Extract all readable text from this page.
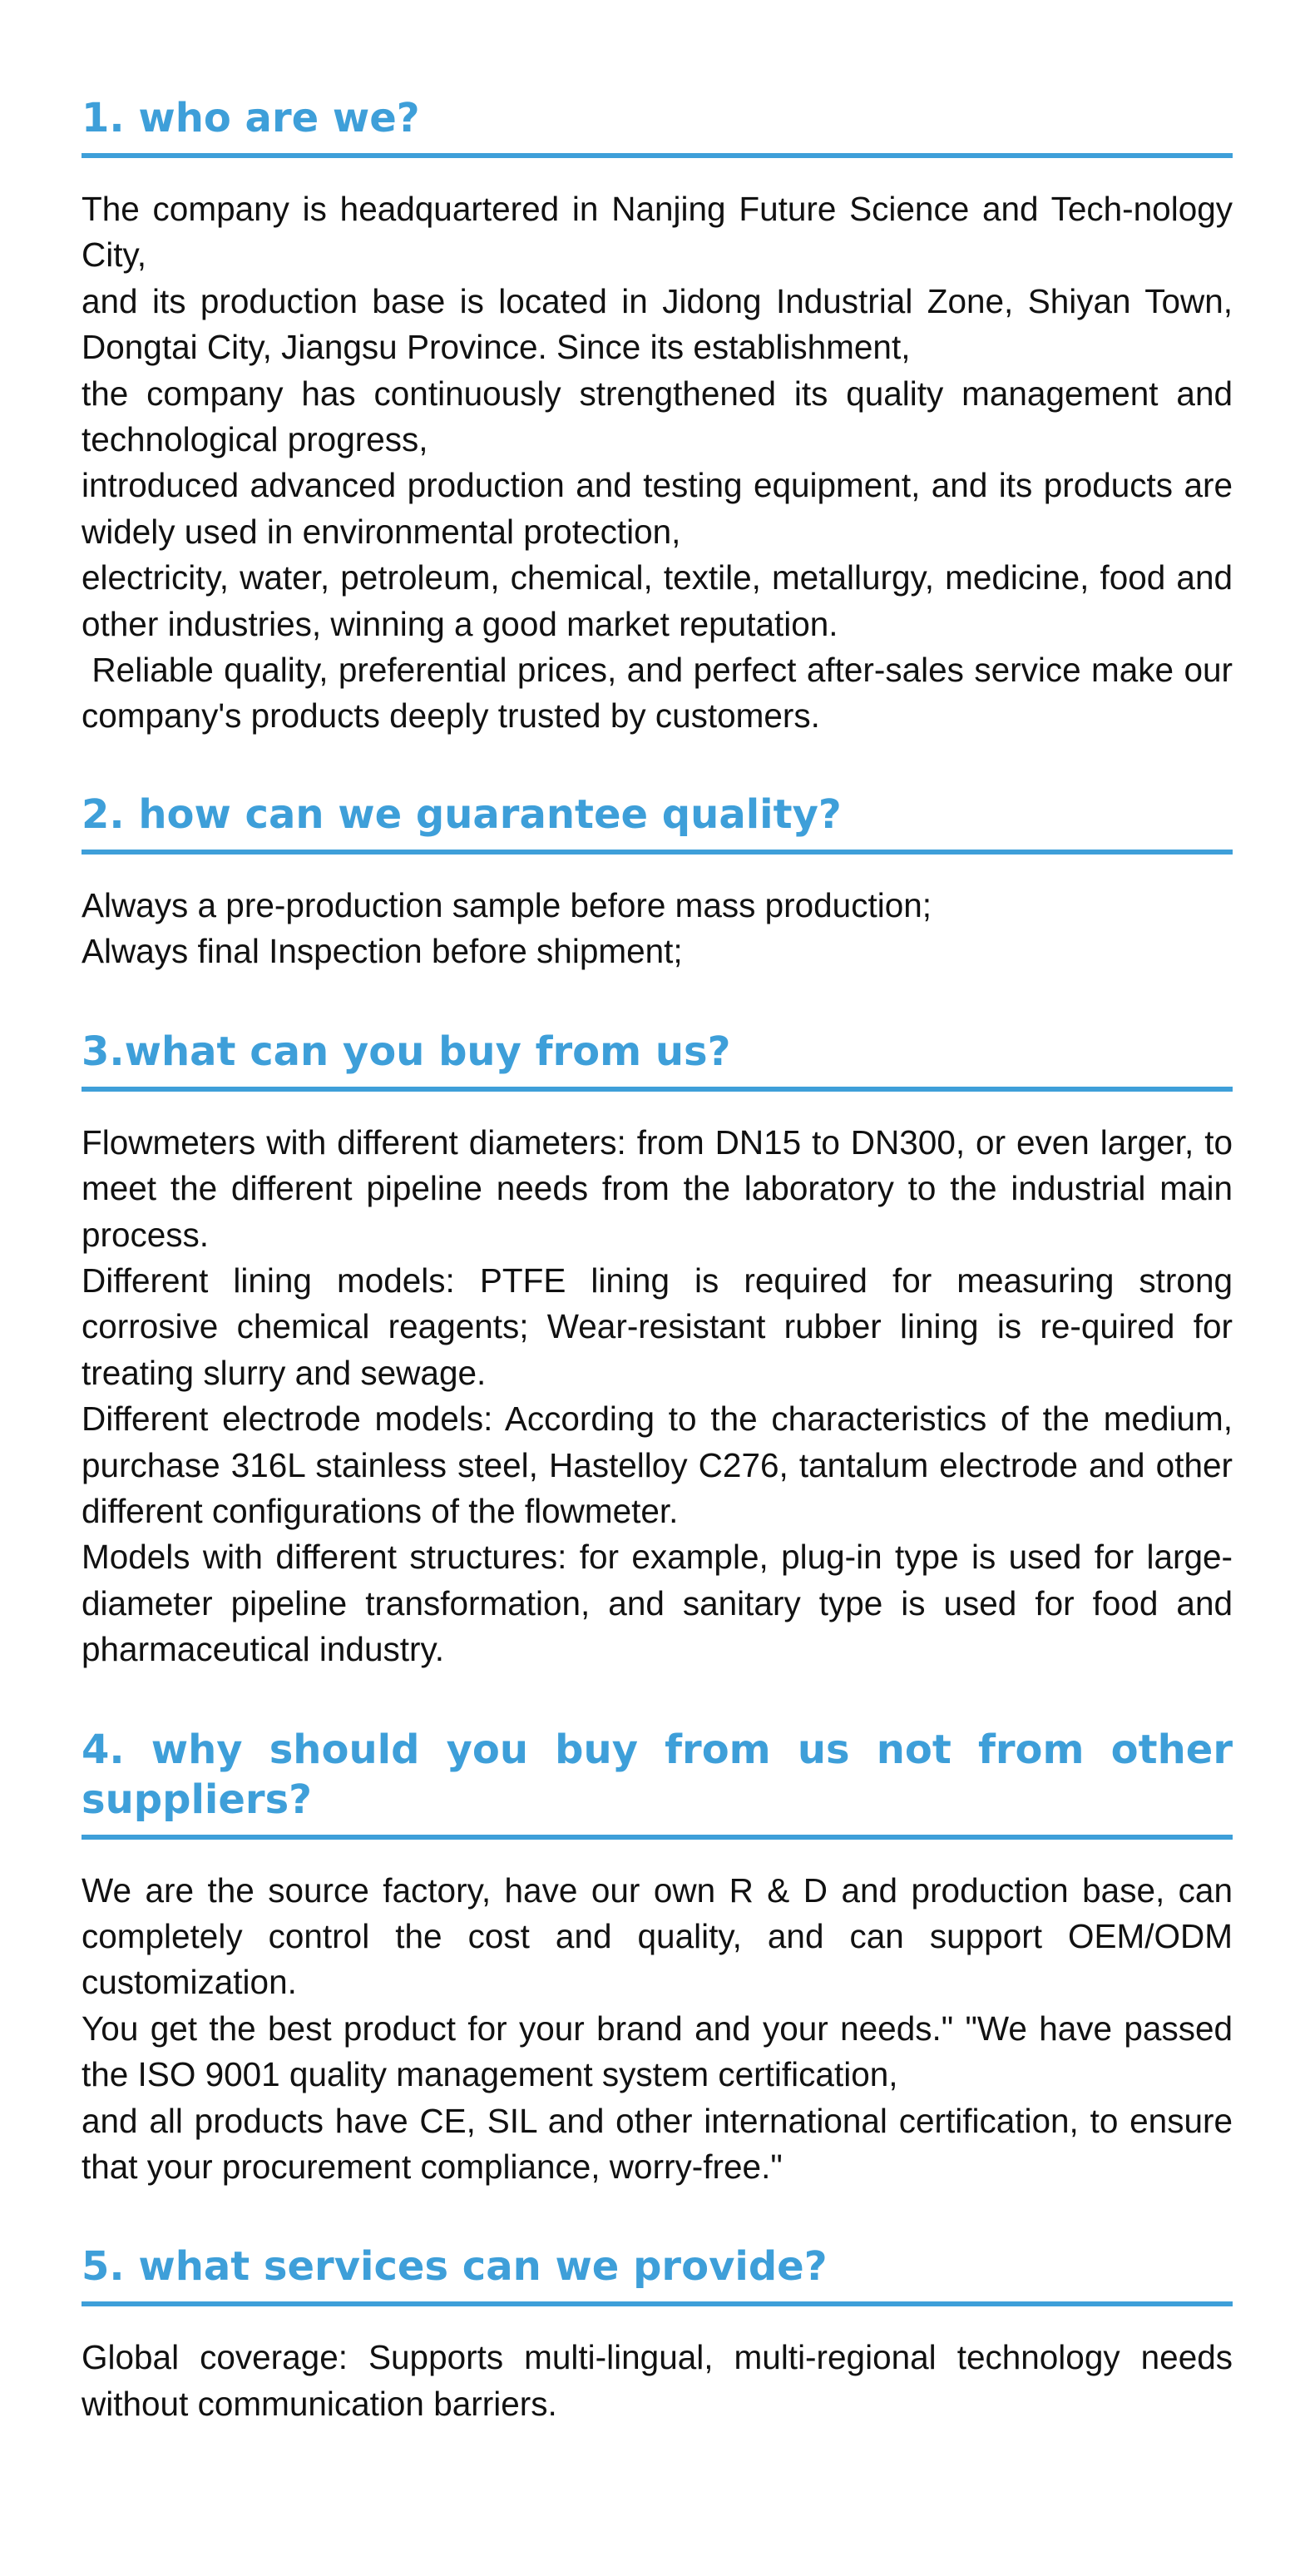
1. who are we?

The company is headquartered in Nanjing Future Science and Tech-nology City,

and its production base is located in Jidong Industrial Zone, Shiyan Town, Dongtai City, Jiangsu Province. Since its establishment,

the company has continuously strengthened its quality management and technological progress,

introduced advanced production and testing equipment, and its products are widely used in environmental protection,

electricity, water, petroleum, chemical, textile, metallurgy, medicine, food and other industries, winning a good market reputation.

Reliable quality, preferential prices, and perfect after-sales service make our company's products deeply trusted by customers.

2. how can we guarantee quality?

Always a pre-production sample before mass production;

Always final Inspection before shipment;

3.what can you buy from us?

Flowmeters with different diameters: from DN15 to DN300, or even larger, to meet the different pipeline needs from the laboratory to the industrial main process.

Different lining models: PTFE lining is required for measuring strong corrosive chemical reagents; Wear-resistant rubber lining is re-quired for treating slurry and sewage.

Different electrode models: According to the characteristics of the medium, purchase 316L stainless steel, Hastelloy C276, tantalum electrode and other different configurations of the flowmeter.

Models with different structures: for example, plug-in type is used for large-diameter pipeline transformation, and sanitary type is used for food and pharmaceutical industry.

4. why should you buy from us not from other suppliers?

We are the source factory, have our own R & D and production base, can completely control the cost and quality, and can support OEM/ODM customization.

You get the best product for your brand and your needs." "We have passed the ISO 9001 quality management system certification,

and all products have CE, SIL and other international certification, to ensure that your procurement compliance, worry-free."

5. what services can we provide?

Global coverage: Supports multi-lingual, multi-regional technology needs without communication barriers.
